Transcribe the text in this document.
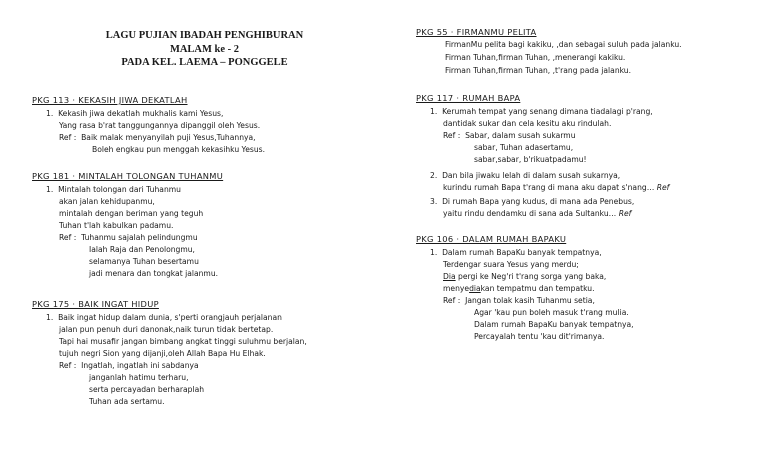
LAGU PUJIAN IBADAH PENGHIBURAN
MALAM ke - 2
PADA KEL. LAEMA – PONGGELE
PKG 113 · KEKASIH JIWA DEKATLAH
1.  Kekasih jiwa dekatlah mukhalis kami Yesus,
Yang rasa b'rat tanggungannya dipanggil oleh Yesus.
Ref :  Baik malak menyanyilah puji Yesus,Tuhannya,
Boleh engkau pun menggah kekasihku Yesus.
PKG 181 · MINTALAH TOLONGAN TUHANMU
1.  Mintalah tolongan dari Tuhanmu
akan jalan kehidupanmu,
mintalah dengan beriman yang teguh
Tuhan t'lah kabulkan padamu.
Ref :  Tuhanmu sajalah pelindungmu
Ialah Raja dan Penolongmu,
selamanya Tuhan besertamu
jadi menara dan tongkat jalanmu.
PKG 175 · BAIK INGAT HIDUP
1.  Baik ingat hidup dalam dunia, s'perti orangjauh perjalanan
jalan pun penuh duri danonak,naik turun tidak bertetap.
Tapi hai musafir jangan bimbang angkat tinggi suluhmu berjalan,
tujuh negri Sion yang dijanji,oleh Allah Bapa Hu Elhak.
Ref :  Ingatlah, ingatlah ini sabdanya
janganlah hatimu terharu,
serta percayadan berharaplah
Tuhan ada sertamu.
PKG 55 · FIRMANMU PELITA
FirmanMu pelita bagi kakiku, ,dan sebagai suluh pada jalanku.
Firman Tuhan,firman Tuhan, ,menerangi kakiku.
Firman Tuhan,firman Tuhan, ,t'rang pada jalanku.
PKG 117 · RUMAH BAPA
1.  Kerumah tempat yang senang dimana tiadalagi p'rang,
dantidak sukar dan cela kesitu aku rindulah.
Ref :  Sabar, dalam susah sukarmu
sabar, Tuhan adasertamu,
sabar,sabar, b'rikuatpadamu!
2.  Dan bila jiwaku lelah di dalam susah sukarnya,
kurindu rumah Bapa t'rang di mana aku dapat s'nang… Ref
3.  Di rumah Bapa yang kudus, di mana ada Penebus,
yaitu rindu dendamku di sana ada Sultanku… Ref
PKG 106 · DALAM RUMAH BAPAKU
1.  Dalam rumah BapaKu banyak tempatnya,
Terdengar suara Yesus yang merdu;
Dia pergi ke Neg'ri t'rang sorga yang baka,
menyediakan tempatmu dan tempatku.
Ref :  Jangan tolak kasih Tuhanmu setia,
Agar 'kau pun boleh masuk t'rang mulia.
Dalam rumah BapaKu banyak tempatnya,
Percayalah tentu 'kau dit'rimanya.
